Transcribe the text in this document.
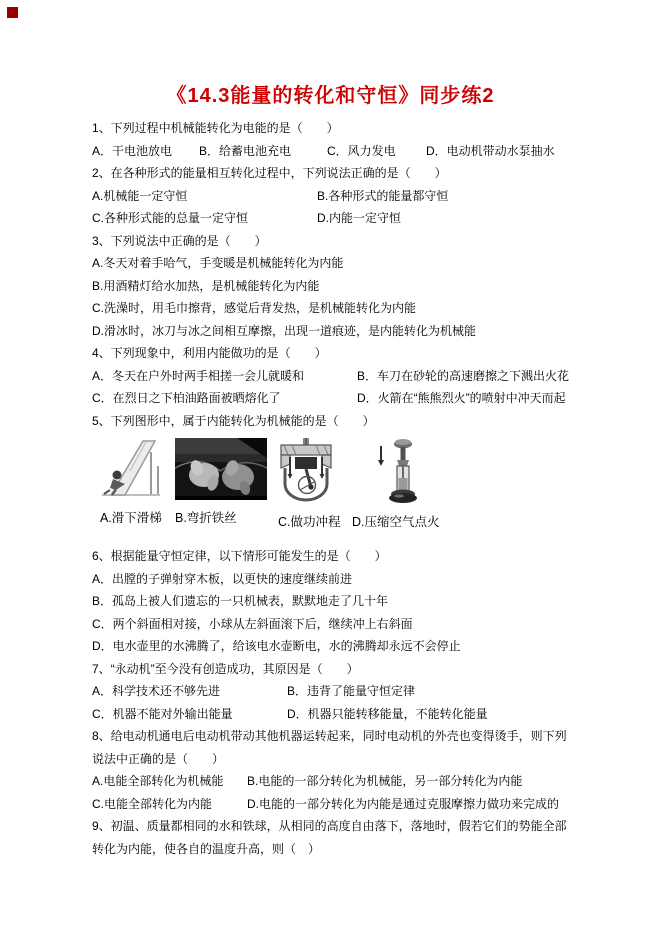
《14.3能量的转化和守恒》同步练2
1、下列过程中机械能转化为电能的是（　　）
A．干电池放电 B．给蓄电池充电	C．风力发电	D．电动机带动水泵抽水
2、在各种形式的能量相互转化过程中，下列说法正确的是（　　）
A.机械能一定守恒	B.各种形式的能量都守恒
C.各种形式能的总量一定守恒	D.内能一定守恒
3、下列说法中正确的是（　　）
A.冬天对着手哈气，手变暖是机械能转化为内能
B.用酒精灯给水加热，是机械能转化为内能
C.洗澡时，用毛巾擦背，感觉后背发热，是机械能转化为内能
D.滑冰时，冰刀与冰之间相互摩擦，出现一道痕迹，是内能转化为机械能
4、下列现象中，利用内能做功的是（　　）
A．冬天在户外时两手相搓一会儿就暖和	B．车刀在砂轮的高速磨擦之下溅出火花
C．在烈日之下柏油路面被晒熔化了	D．火箭在“熊熊烈火”的喷射中冲天而起
5、下列图形中，属于内能转化为机械能的是（　　）
A.滑下滑梯 B.弯折铁丝	C.做功冲程 D.压缩空气点火
6、根据能量守恒定律，以下情形可能发生的是（　　）
A．出膛的子弹射穿木板，以更快的速度继续前进
B．孤岛上被人们遗忘的一只机械表，默默地走了几十年
C．两个斜面相对接，小球从左斜面滚下后，继续冲上右斜面
D．电水壶里的水沸腾了，给该电水壶断电，水的沸腾却永远不会停止
7、“永动机”至今没有创造成功，其原因是（　　）
A．科学技术还不够先进	B．违背了能量守恒定律
C．机器不能对外输出能量	D．机器只能转移能量，不能转化能量
8、给电动机通电后电动机带动其他机器运转起来，同时电动机的外壳也变得烫手，则下列
说法中正确的是（　　）
A.电能全部转化为机械能 B.电能的一部分转化为机械能，另一部分转化为内能
C.电能全部转化为内能	D.电能的一部分转化为内能是通过克服摩擦力做功来完成的
9、初温、质量都相同的水和铁球，从相同的高度自由落下，落地时，假若它们的势能全部
转化为内能，使各自的温度升高，则（　）
